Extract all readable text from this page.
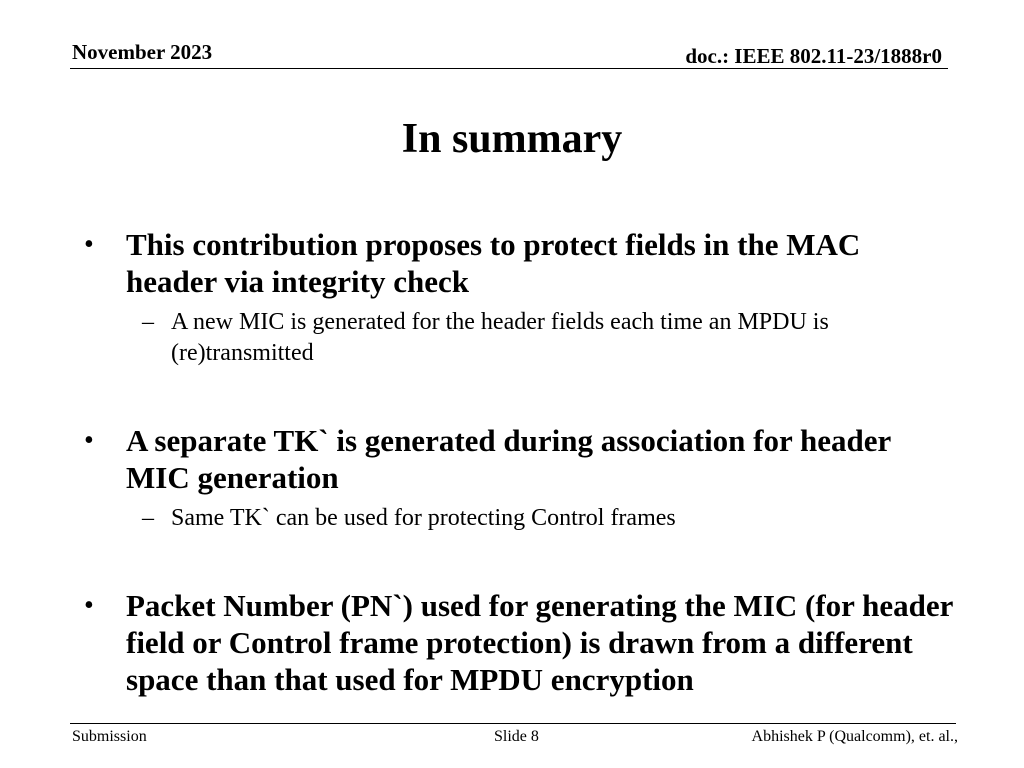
November 2023	doc.: IEEE 802.11-23/1888r0
In summary
• This contribution proposes to protect fields in the MAC header via integrity check
– A new MIC is generated for the header fields each time an MPDU is (re)transmitted
• A separate TK` is generated during association for header MIC generation
– Same TK` can be used for protecting Control frames
• Packet Number (PN`) used for generating the MIC (for header field or Control frame protection) is drawn from a different space than that used for MPDU encryption
Submission	Slide 8	Abhishek P (Qualcomm), et. al.,
